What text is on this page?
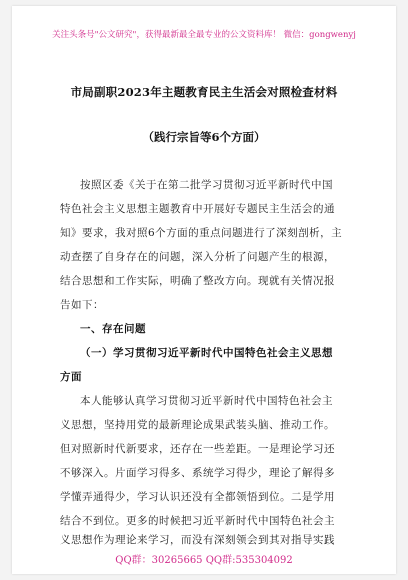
关注头条号"公文研究"，获得最新最全最专业的公文资料库！ 微信：gongwenyj
市局副职2023年主题教育民主生活会对照检查材料
（践行宗旨等6个方面）
按照区委《关于在第二批学习贯彻习近平新时代中国
特色社会主义思想主题教育中开展好专题民主生活会的通
知》要求，我对照6个方面的重点问题进行了深刻剖析，主
动查摆了自身存在的问题，深入分析了问题产生的根源，
结合思想和工作实际，明确了整改方向。现就有关情况报
告如下：
一、存在问题
（一）学习贯彻习近平新时代中国特色社会主义思想
方面
本人能够认真学习贯彻习近平新时代中国特色社会主
义思想，坚持用党的最新理论成果武装头脑、推动工作。
但对照新时代新要求，还存在一些差距。一是理论学习还
不够深入。片面学习得多、系统学习得少，理论了解得多
学懂弄通得少，学习认识还没有全都领悟到位。二是学用
结合不到位。更多的时候把习近平新时代中国特色社会主
QQ群：30265665 QQ群:535304092
义思想作为理论来学习，而没有深刻领会到其对指导实践
